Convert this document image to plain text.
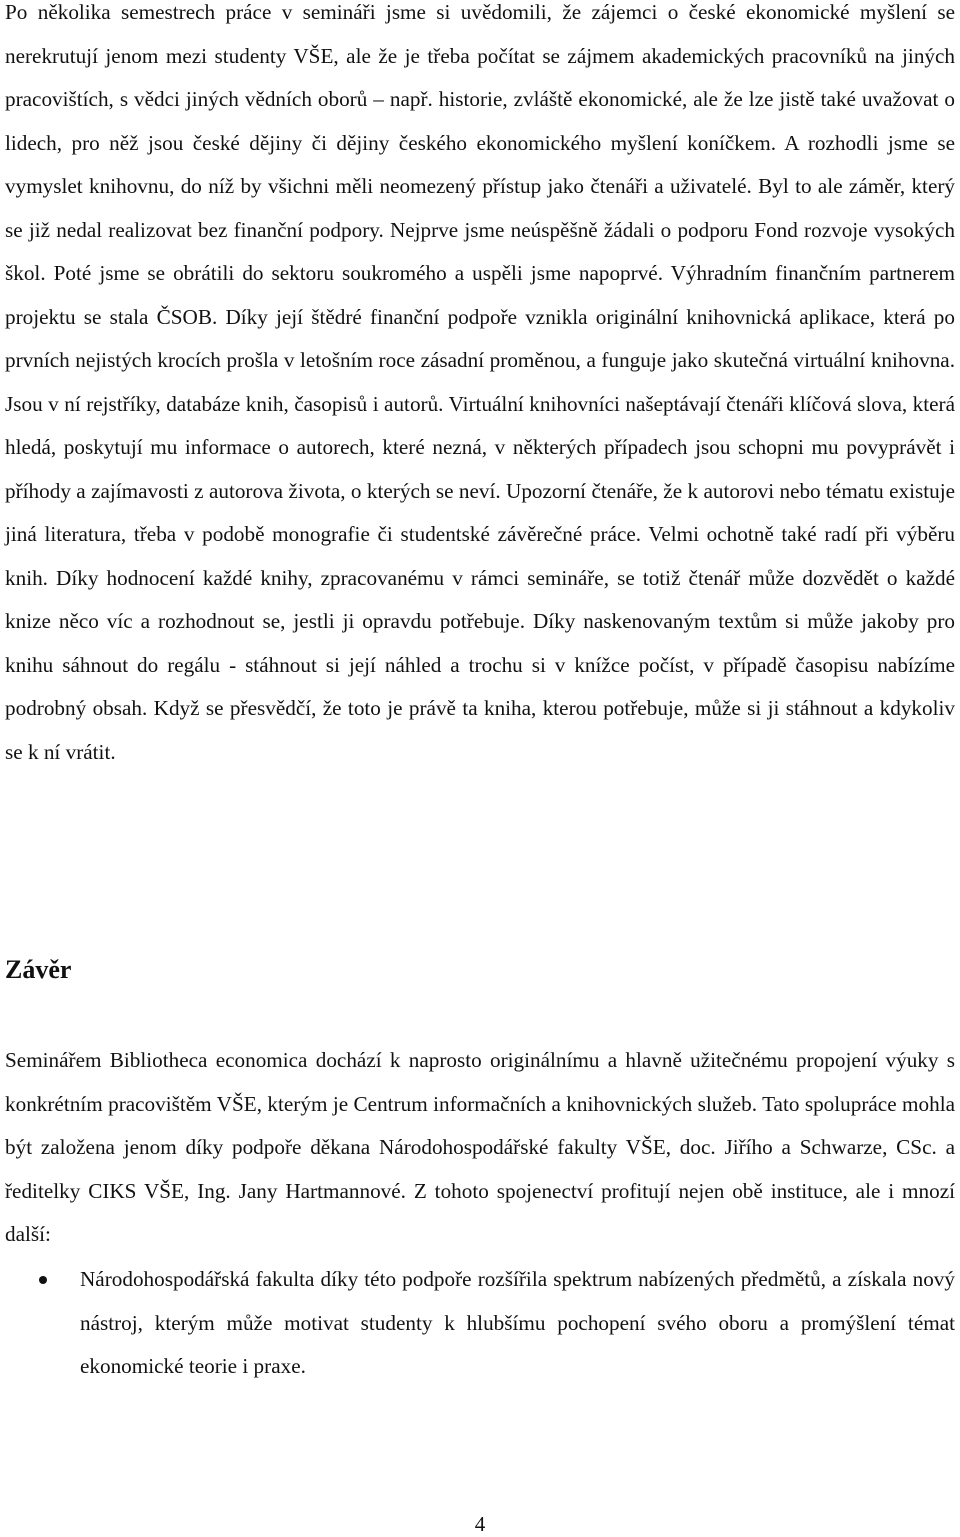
Po několika semestrech práce v semináři jsme si uvědomili, že zájemci o české ekonomické myšlení se nerekrutují jenom mezi studenty VŠE, ale že je třeba počítat se zájmem akademických pracovníků na jiných pracovištích, s vědci jiných vědních oborů – např. historie, zvláště ekonomické, ale že lze jistě také uvažovat o lidech, pro něž jsou české dějiny či dějiny českého ekonomického myšlení koníčkem. A rozhodli jsme se vymyslet knihovnu, do níž by všichni měli neomezený přístup jako čtenáři a uživatelé. Byl to ale záměr, který se již nedal realizovat bez finanční podpory. Nejprve jsme neúspěšně žádali o podporu Fond rozvoje vysokých škol. Poté jsme se obrátili do sektoru soukromého a uspěli jsme napoprvé. Výhradním finančním partnerem projektu se stala ČSOB. Díky její štědré finanční podpoře vznikla originální knihovnická aplikace, která po prvních nejistých krocích prošla v letošním roce zásadní proměnou, a funguje jako skutečná virtuální knihovna. Jsou v ní rejstříky, databáze knih, časopisů i autorů. Virtuální knihovníci našeptávají čtenáři klíčová slova, která hledá, poskytují mu informace o autorech, které nezná, v některých případech jsou schopni mu povyprávět i příhody a zajímavosti z autorova života, o kterých se neví. Upozorní čtenáře, že k autorovi nebo tématu existuje jiná literatura, třeba v podobě monografie či studentské závěrečné práce. Velmi ochotně také radí při výběru knih. Díky hodnocení každé knihy, zpracovanému v rámci semináře, se totiž čtenář může dozvědět o každé knize něco víc a rozhodnout se, jestli ji opravdu potřebuje. Díky naskenovaným textům si může jakoby pro knihu sáhnout do regálu - stáhnout si její náhled a trochu si v knížce počíst, v případě časopisu nabízíme podrobný obsah. Když se přesvědčí, že toto je právě ta kniha, kterou potřebuje, může si ji stáhnout a kdykoliv se k ní vrátit.

Závěr

Seminářem Bibliotheca economica dochází k naprosto originálnímu a hlavně užitečnému propojení výuky s konkrétním pracovištěm VŠE, kterým je Centrum informačních a knihovnických služeb. Tato spolupráce mohla být založena jenom díky podpoře děkana Národohospodářské fakulty VŠE, doc. Jiřího a Schwarze, CSc. a ředitelky CIKS VŠE, Ing. Jany Hartmannové. Z tohoto spojenectví profitují nejen obě instituce, ale i mnozí další:

Národohospodářská fakulta díky této podpoře rozšířila spektrum nabízených předmětů, a získala nový nástroj, kterým může motivat studenty k hlubšímu pochopení svého oboru a promýšlení témat ekonomické teorie i praxe.
4
